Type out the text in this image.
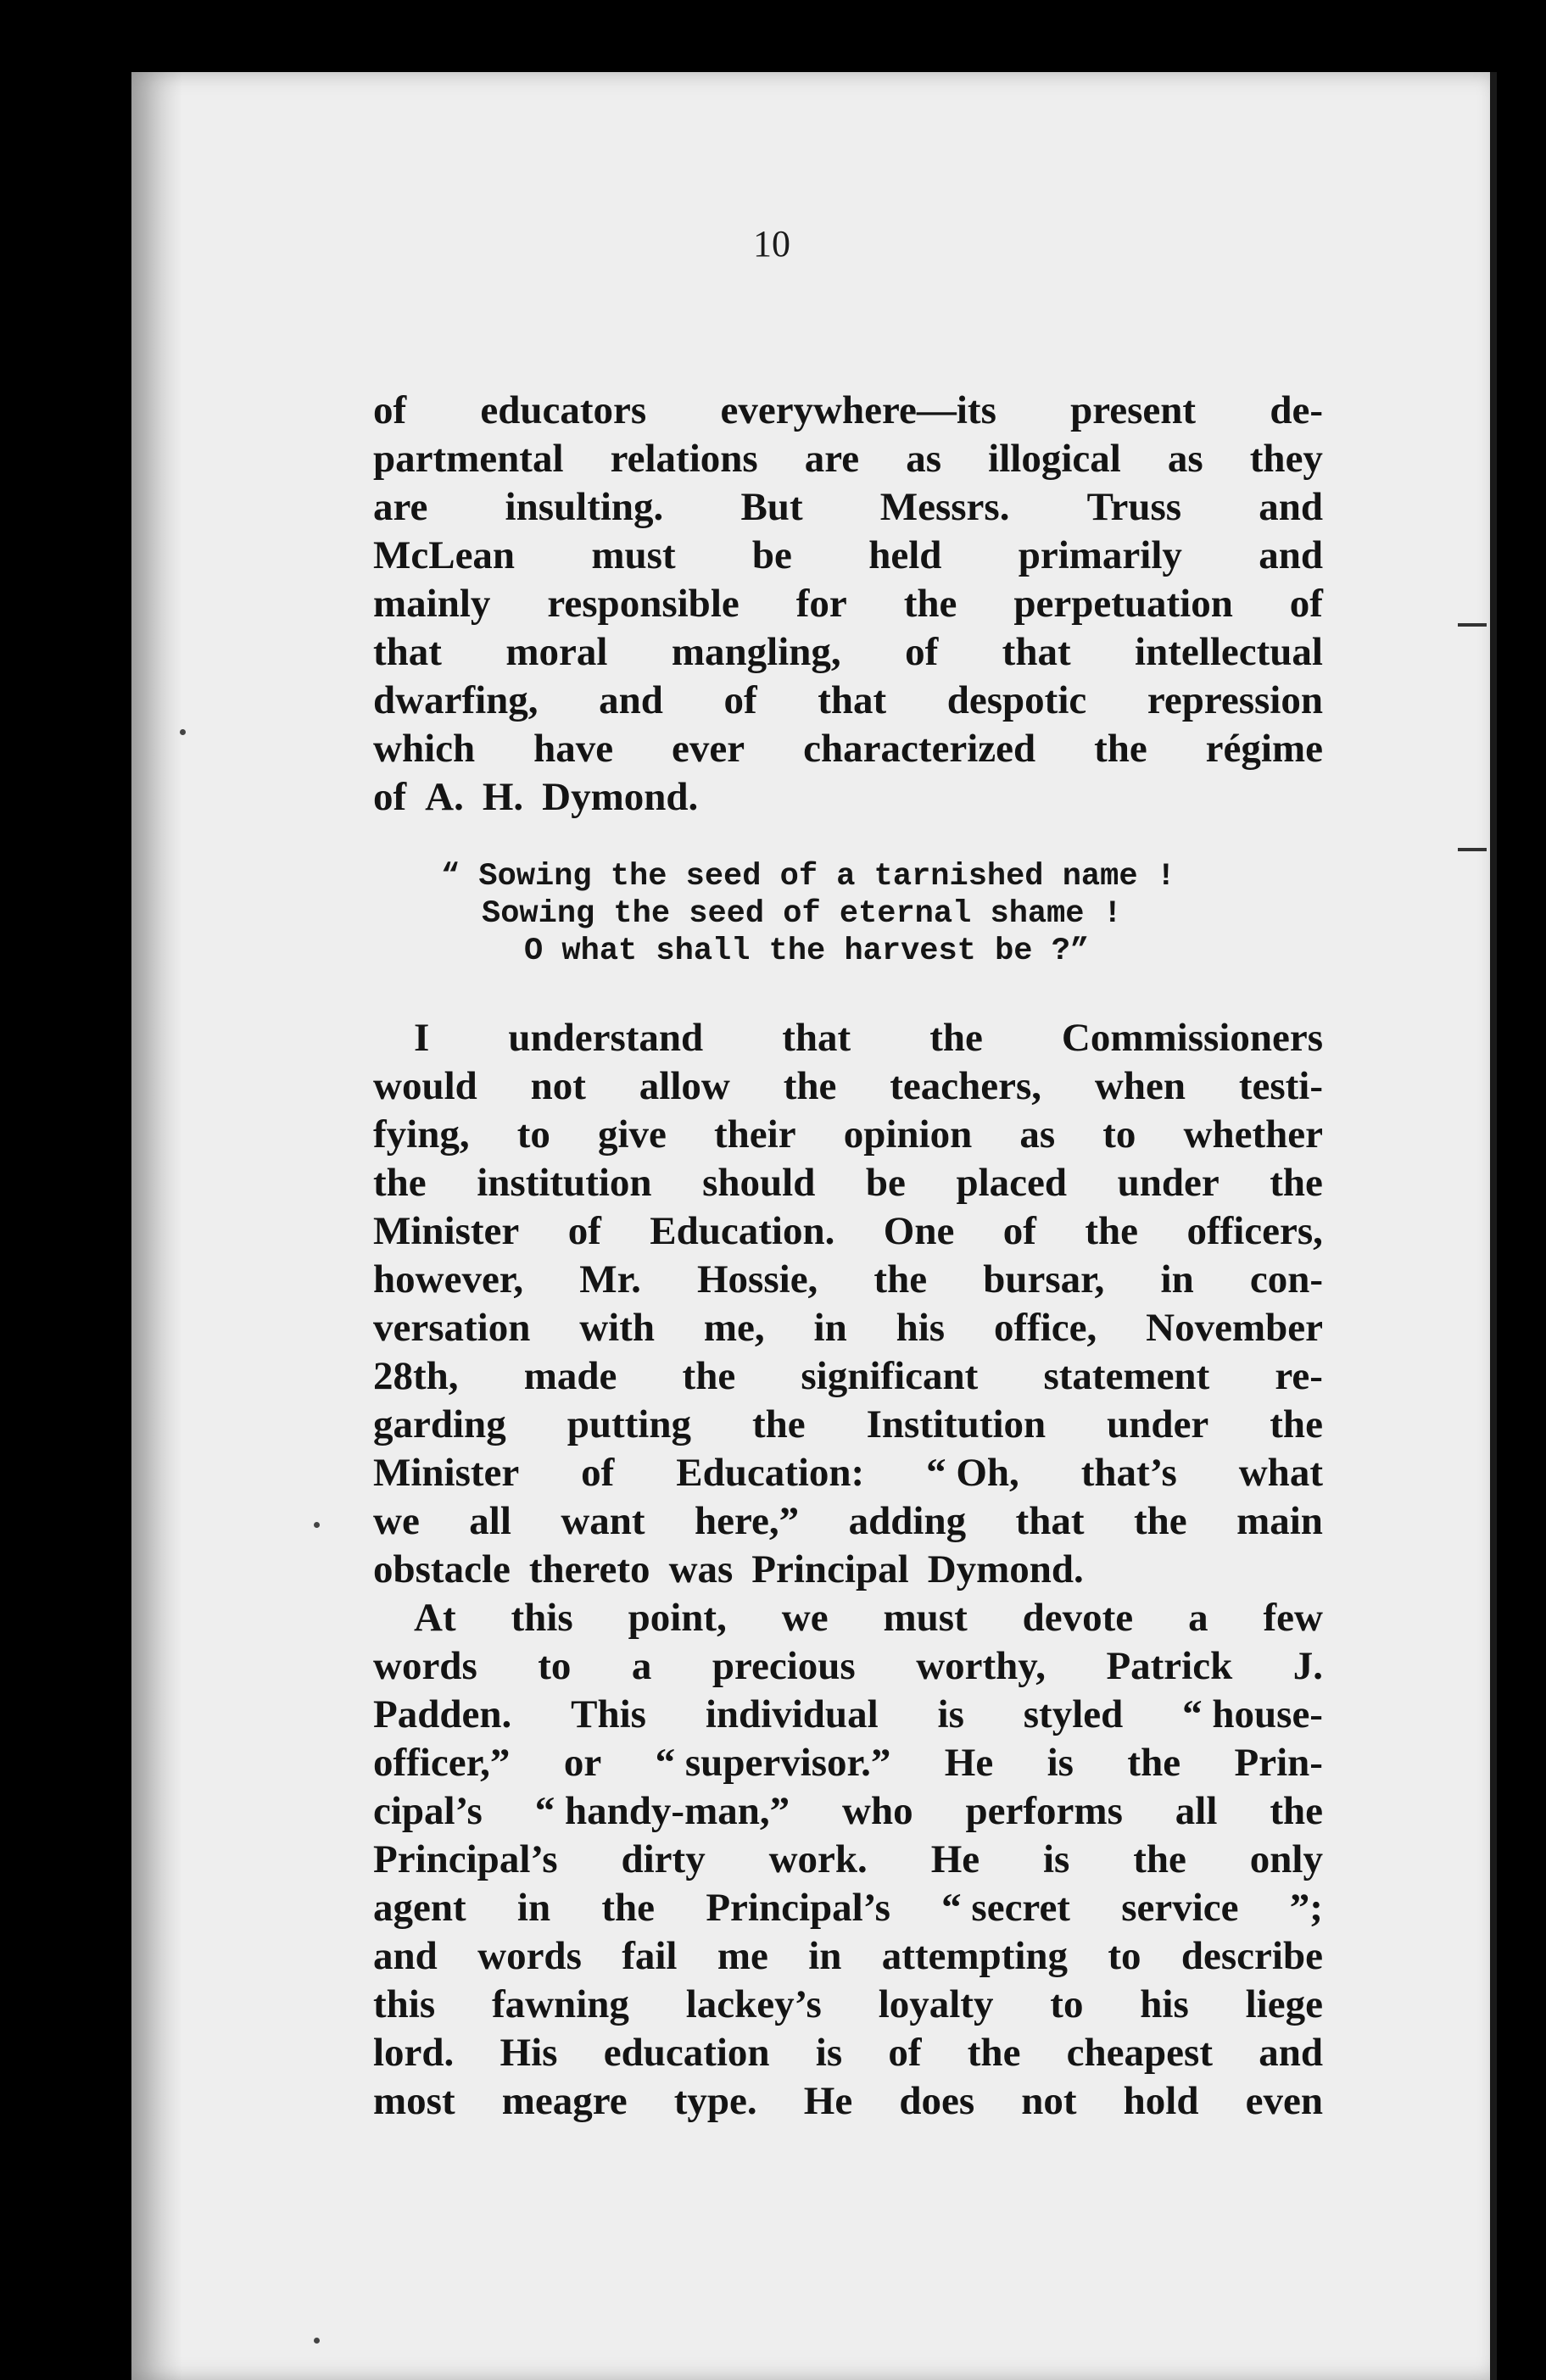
10
of educators everywhere—its present de-
partmental relations are as illogical as they
are insulting. But Messrs. Truss and
McLean must be held primarily and
mainly responsible for the perpetuation of
that moral mangling, of that intellectual
dwarfing, and of that despotic repression
which have ever characterized the régime
of A. H. Dymond.
“ Sowing the seed of a tarnished name !
Sowing the seed of eternal shame !
O what shall the harvest be ?”
I understand that the Commissioners
would not allow the teachers, when testi-
fying, to give their opinion as to whether
the institution should be placed under the
Minister of Education. One of the officers,
however, Mr. Hossie, the bursar, in con-
versation with me, in his office, November
28th, made the significant statement re-
garding putting the Institution under the
Minister of Education: “ Oh, that’s what
we all want here,” adding that the main
obstacle thereto was Principal Dymond.
At this point, we must devote a few
words to a precious worthy, Patrick J.
Padden. This individual is styled “ house-
officer,” or “ supervisor.” He is the Prin-
cipal’s “ handy-man,” who performs all the
Principal’s dirty work. He is the only
agent in the Principal’s “ secret service ”;
and words fail me in attempting to describe
this fawning lackey’s loyalty to his liege
lord. His education is of the cheapest and
most meagre type. He does not hold even
